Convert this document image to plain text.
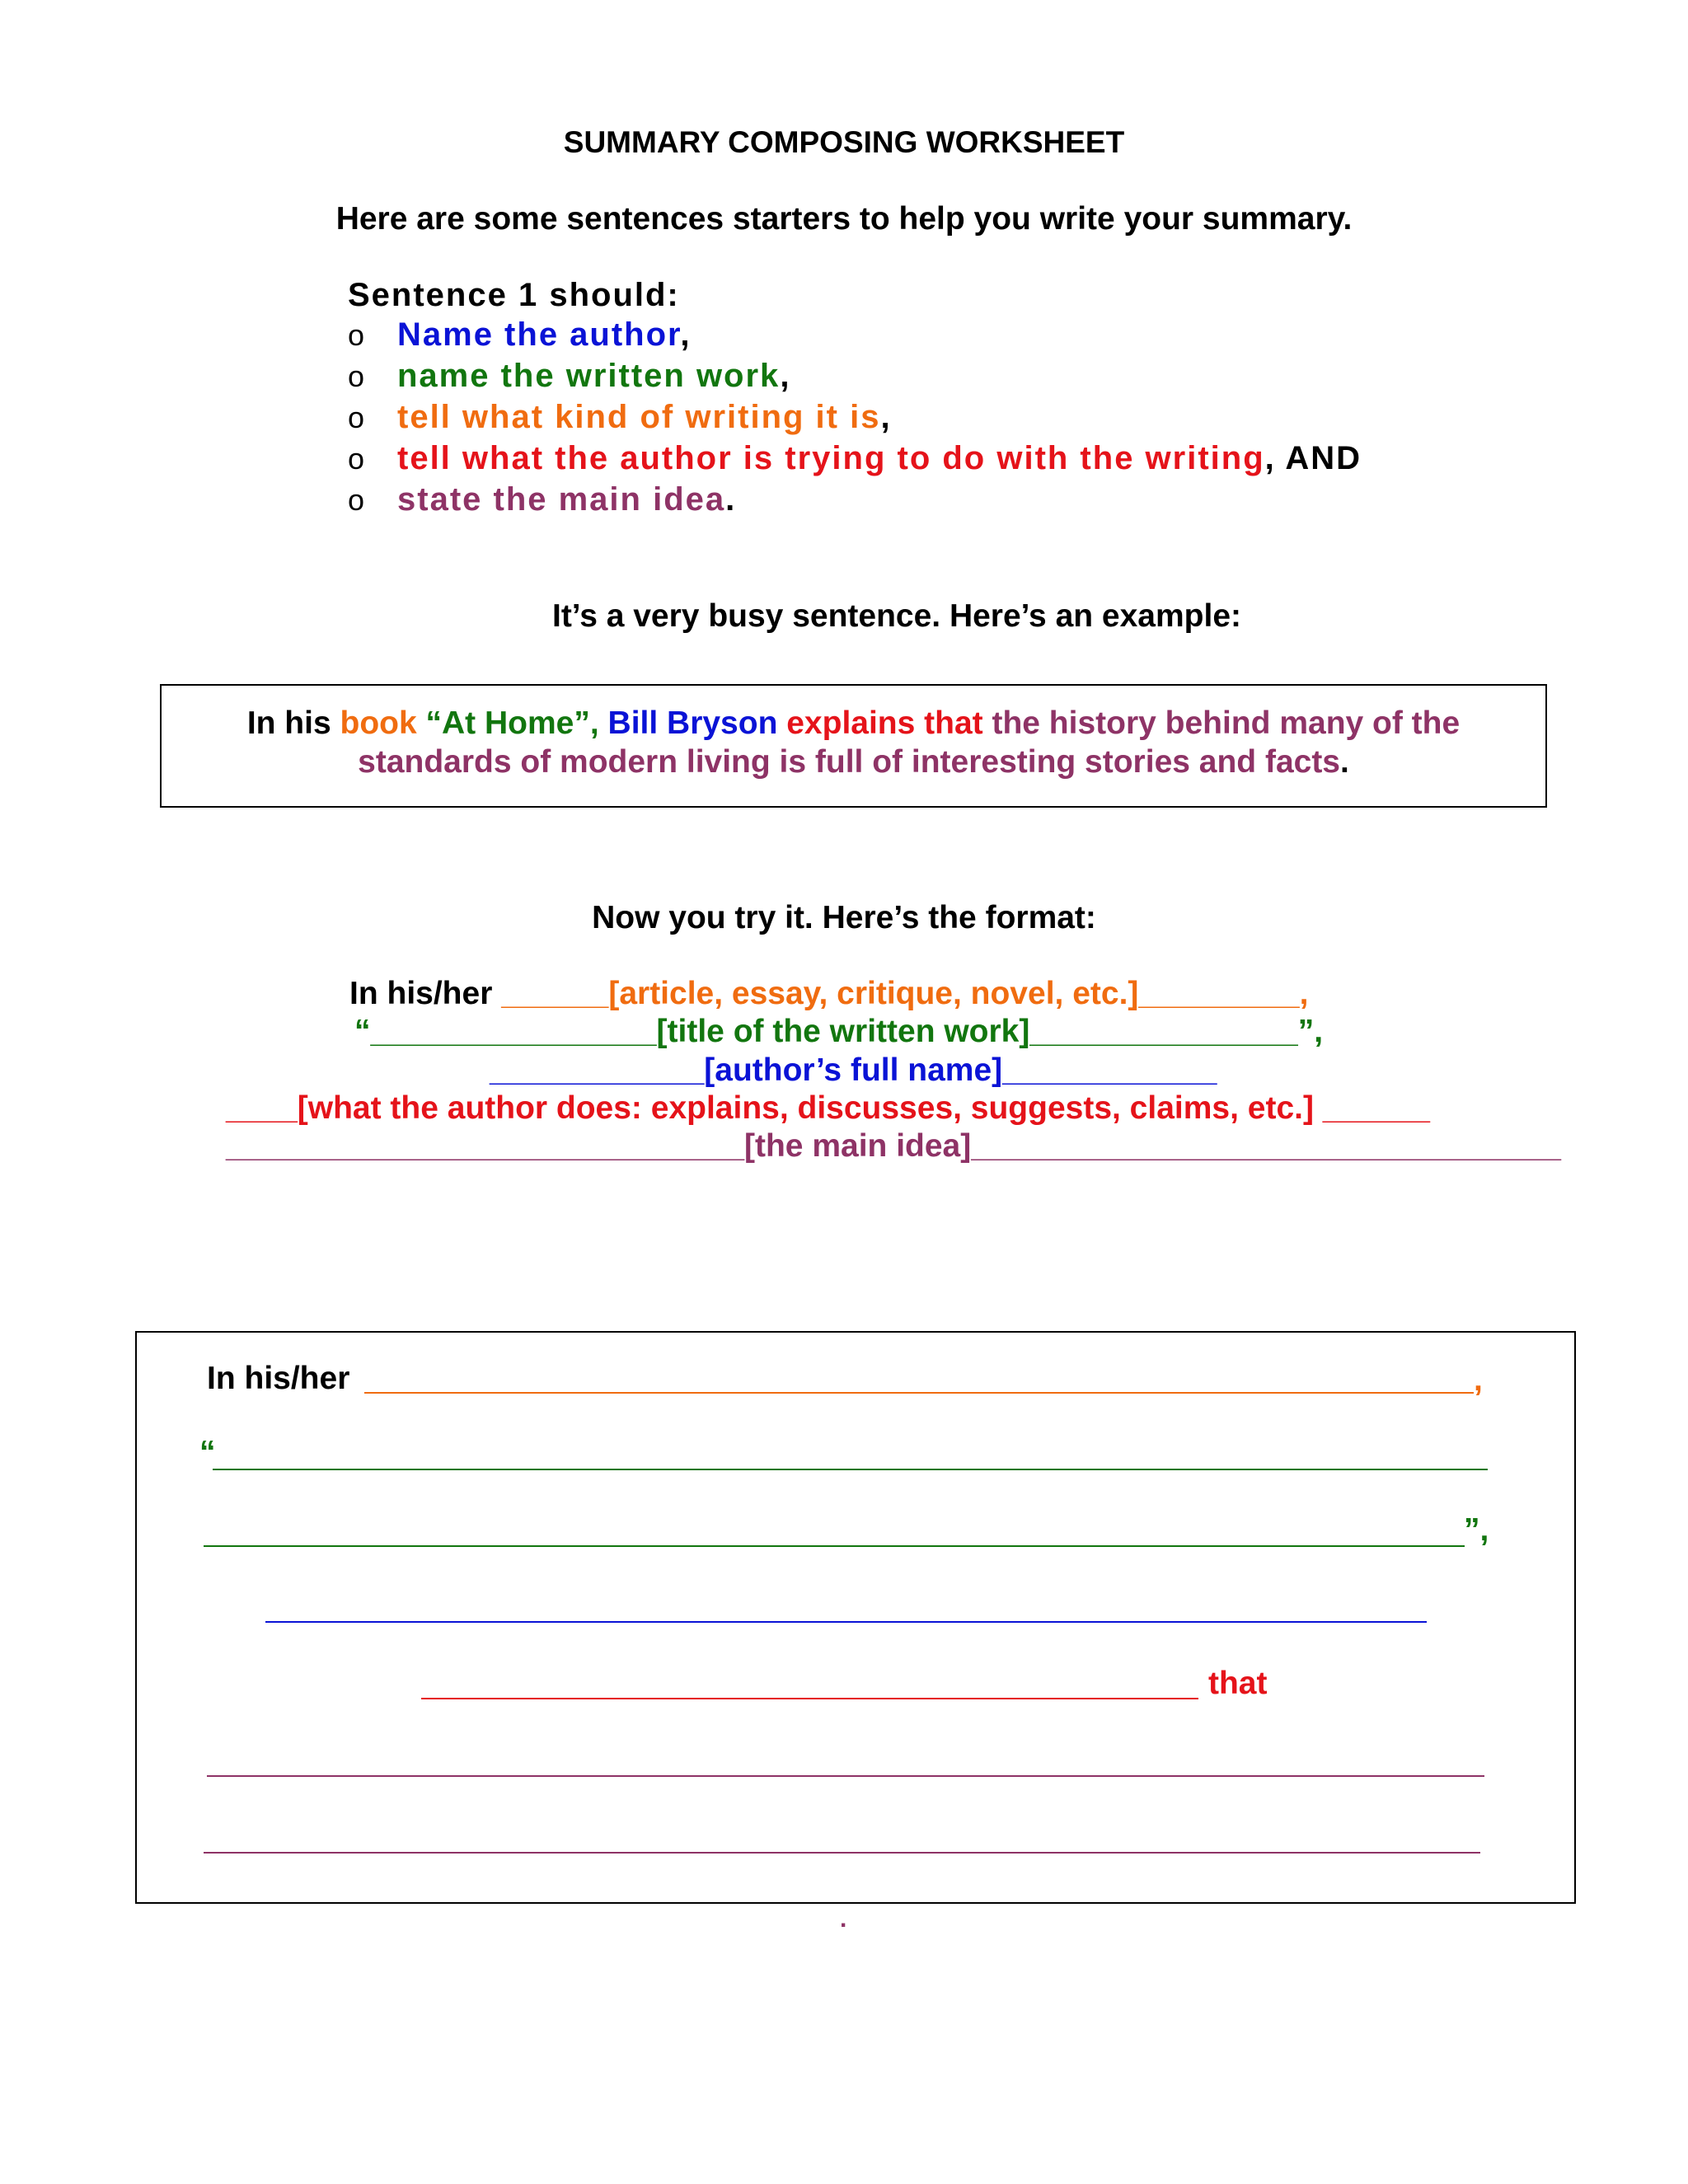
SUMMARY COMPOSING WORKSHEET
Here are some sentences starters to help you write your summary.
Sentence 1 should:
o Name the author,
o name the written work,
o tell what kind of writing it is,
o tell what the author is trying to do with the writing, AND
o state the main idea.
It’s a very busy sentence. Here’s an example:
In his book “At Home”, Bill Bryson explains that the history behind many of the
standards of modern living is full of interesting stories and facts.
Now you try it. Here’s the format:
In his/her ______[article, essay, critique, novel, etc.]_________,
“________________[title of the written work]_______________”,
____________[author’s full name]____________
____[what the author does: explains, discusses, suggests, claims, etc.] ______
_____________________________[the main idea]_________________________________
In his/her	,
“
”,
that
.
